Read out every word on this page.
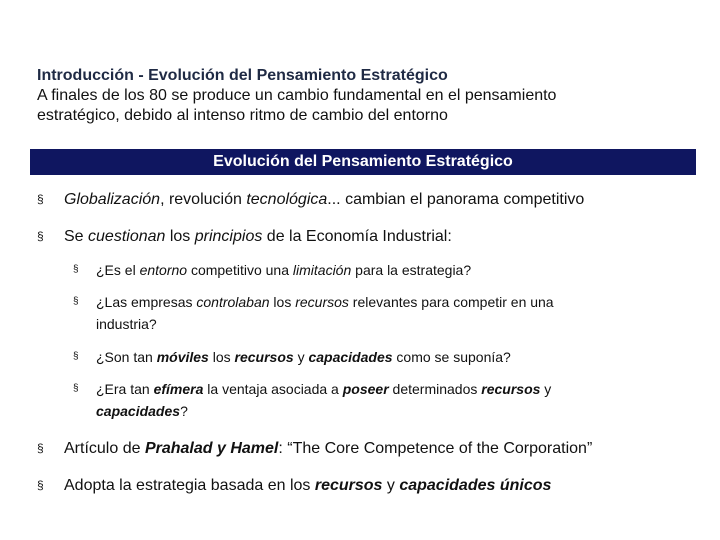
Introducción - Evolución del Pensamiento Estratégico

A finales de los 80 se produce un cambio fundamental en el pensamiento

estratégico, debido al intenso ritmo de cambio del entorno

Evolución del Pensamiento Estratégico
§ Globalización, revolución tecnológica... cambian el panorama competitivo
§ Se cuestionan los principios de la Economía Industrial:
§ ¿Es el entorno competitivo una limitación para la estrategia?
§ ¿Las empresas controlaban los recursos relevantes para competir en una
industria?
§ ¿Son tan móviles los recursos y capacidades como se suponía?
§ ¿Era tan efímera la ventaja asociada a poseer determinados recursos y
capacidades?
§ Artículo de Prahalad y Hamel: “The Core Competence of the Corporation”
§ Adopta la estrategia basada en los recursos y capacidades únicos
